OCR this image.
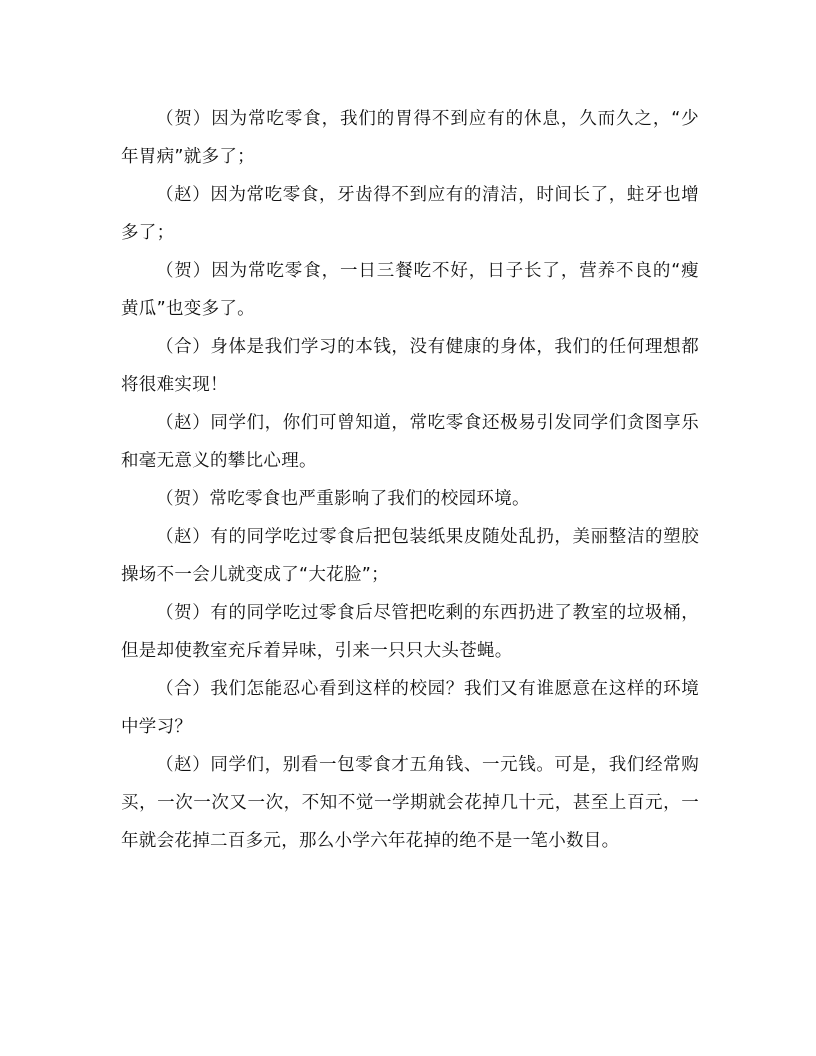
（贺）因为常吃零食，我们的胃得不到应有的休息，久而久之，“少年胃病”就多了；

（赵）因为常吃零食，牙齿得不到应有的清洁，时间长了，蛀牙也增多了；

（贺）因为常吃零食，一日三餐吃不好，日子长了，营养不良的“瘦黄瓜”也变多了。

（合）身体是我们学习的本钱，没有健康的身体，我们的任何理想都将很难实现！

（赵）同学们，你们可曾知道，常吃零食还极易引发同学们贪图享乐和毫无意义的攀比心理。

（贺）常吃零食也严重影响了我们的校园环境。

（赵）有的同学吃过零食后把包装纸果皮随处乱扔，美丽整洁的塑胶操场不一会儿就变成了“大花脸”；

（贺）有的同学吃过零食后尽管把吃剩的东西扔进了教室的垃圾桶，但是却使教室充斥着异味，引来一只只大头苍蝇。

（合）我们怎能忍心看到这样的校园？我们又有谁愿意在这样的环境中学习？

（赵）同学们，别看一包零食才五角钱、一元钱。可是，我们经常购买，一次一次又一次，不知不觉一学期就会花掉几十元，甚至上百元，一年就会花掉二百多元，那么小学六年花掉的绝不是一笔小数目。
